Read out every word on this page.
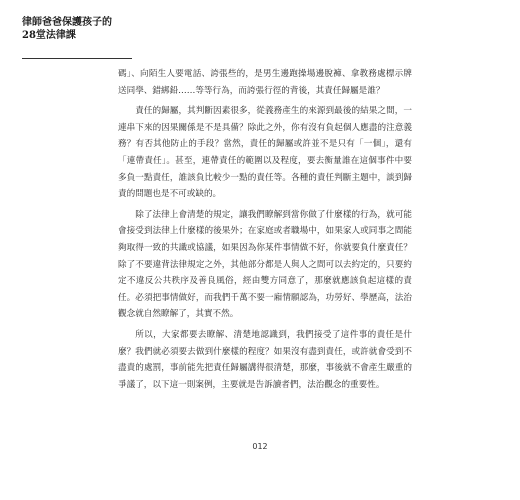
律師爸爸保護孩子的
28堂法律課

碼」、向陌生人要電話、誇張些的，是男生邊跑操場邊脫褲、拿教務處標示牌送同學、錯綁鉛……等等行為，而誇張行徑的背後，其責任歸屬是誰？

責任的歸屬，其判斷因素很多，從義務產生的來源到最後的結果之間，一連串下來的因果關係是不是具備？除此之外，你有沒有負起個人應盡的注意義務？有否其他防止的手段？當然，責任的歸屬或許並不是只有「一個」，還有「連帶責任」。甚至，連帶責任的範圍以及程度，要去衡量誰在這個事件中要多負一點責任，誰該負比較少一點的責任等。各種的責任判斷主題中，談到歸責的問題也是不可或缺的。

除了法律上會清楚的規定，讓我們瞭解到當你做了什麼樣的行為，就可能會接受到法律上什麼樣的後果外；在家庭或者職場中，如果家人或同事之間能夠取得一致的共識或協議，如果因為你某件事情做不好，你就要負什麼責任？除了不要違背法律規定之外，其他部分都是人與人之間可以去約定的，只要約定不違反公共秩序及善良風俗，經由雙方同意了，那麼就應該負起這樣的責任。必須把事情做好，而我們千萬不要一廂情願認為，功勞好、學歷高，法治觀念就自然瞭解了，其實不然。

所以，大家都要去瞭解、清楚地認識到，我們接受了這件事的責任是什麼？我們就必須要去做到什麼樣的程度？如果沒有盡到責任，或許就會受到不盡責的處罰，事前能先把責任歸屬講得很清楚，那麼，事後就不會產生嚴重的爭議了，以下這一則案例，主要就是告訴讀者們，法治觀念的重要性。

012
